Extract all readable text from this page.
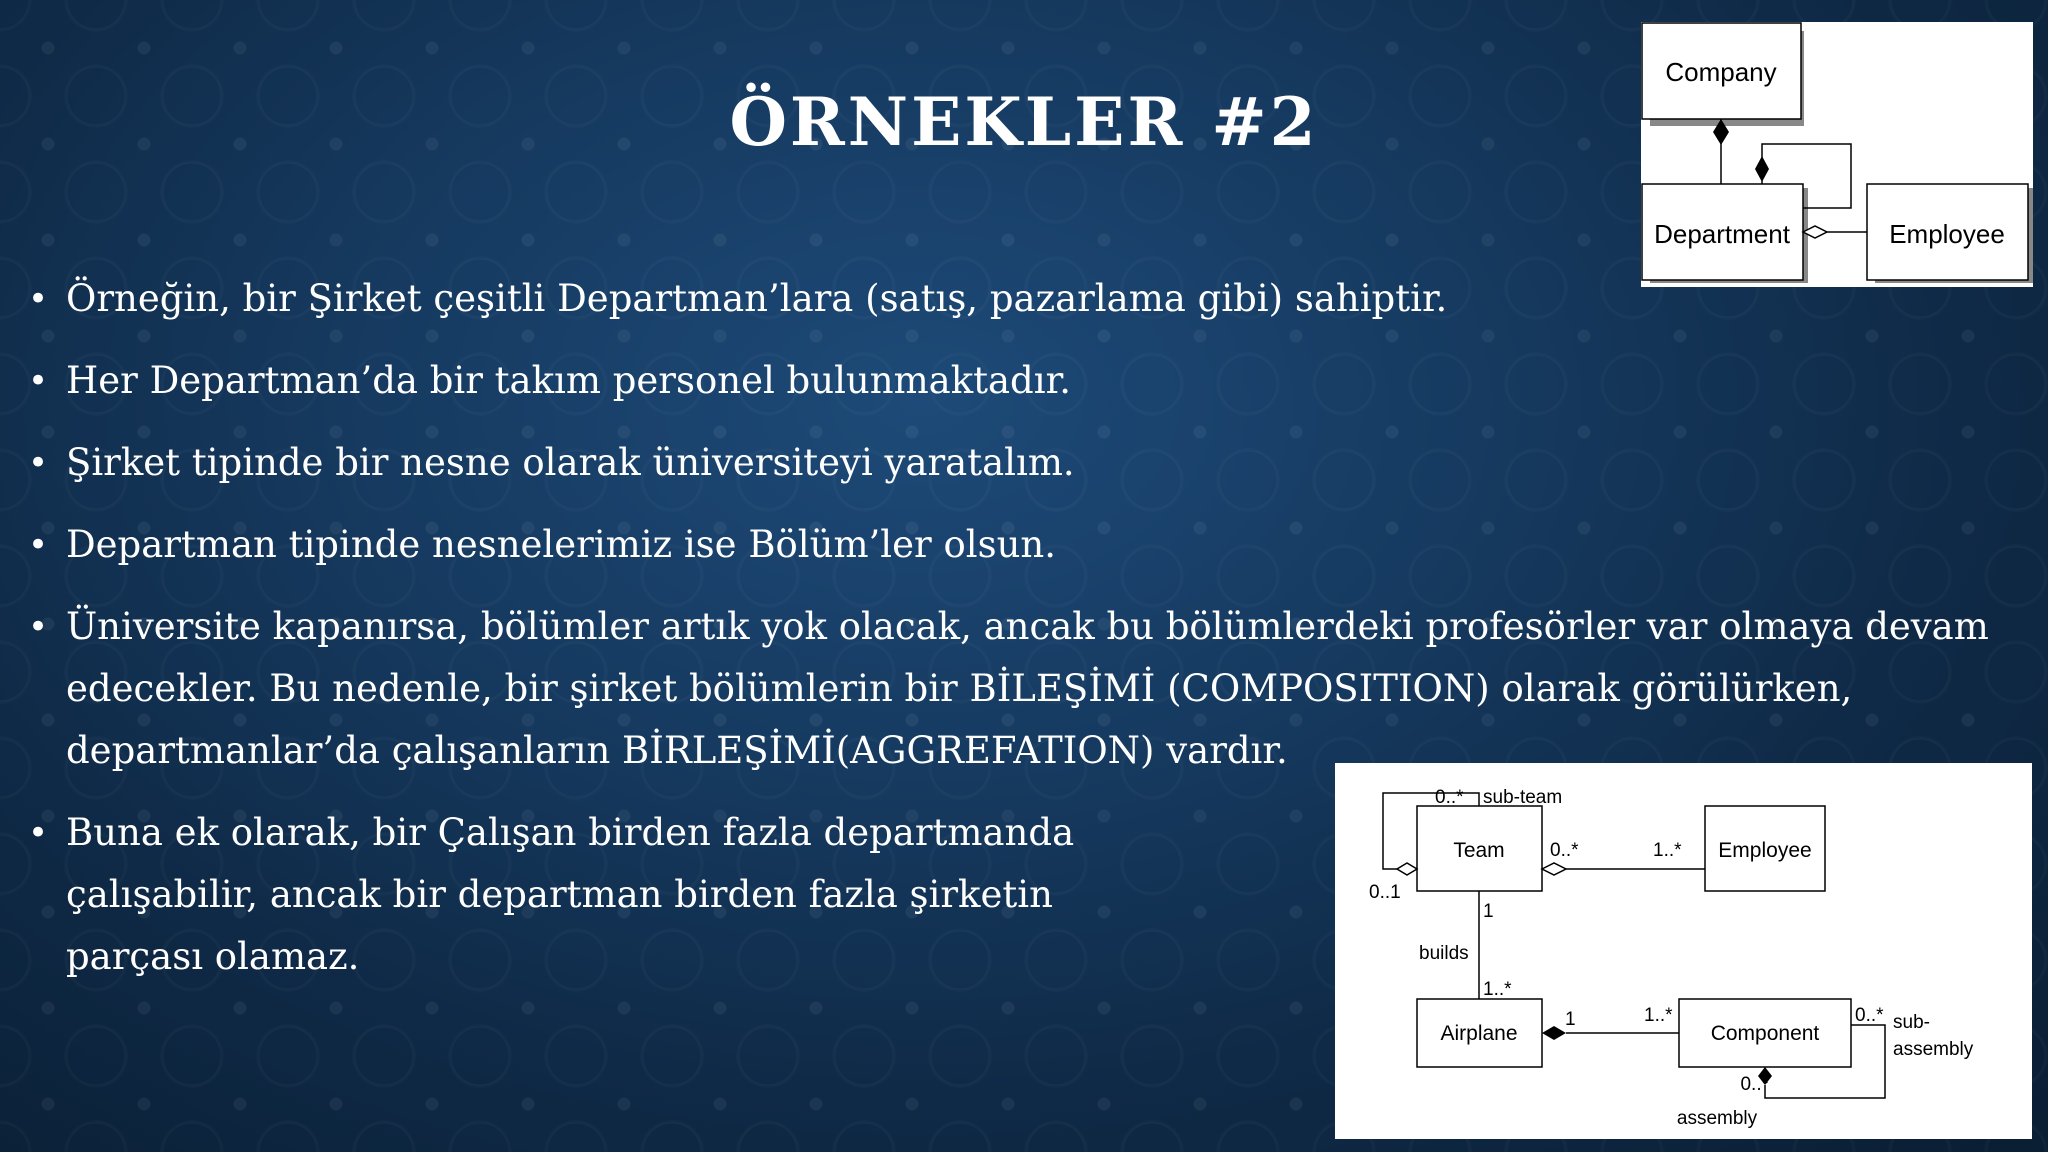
ÖRNEKLER #2
• Örneğin, bir Şirket çeşitli Departman’lara (satış, pazarlama gibi) sahiptir.
• Her Departman’da bir takım personel bulunmaktadır.
• Şirket tipinde bir nesne olarak üniversiteyi yaratalım.
• Departman tipinde nesnelerimiz ise Bölüm’ler olsun.
• Üniversite kapanırsa, bölümler artık yok olacak, ancak bu bölümlerdeki profesörler var olmaya devam edecekler. Bu nedenle, bir şirket bölümlerin bir BİLEŞİMİ (COMPOSITION) olarak görülürken, departmanlar’da çalışanların BİRLEŞİMİ(AGGREFATION) vardır.
• Buna ek olarak, bir Çalışan birden fazla departmanda çalışabilir, ancak bir departman birden fazla şirketin parçası olamaz.
Company
Department	Employee
Team	Employee
Airplane	Component
0..* sub-team
0..1
0..*	1..*
1
builds
1..*
1	1..*	0..* sub-
assembly
0..*
assembly
